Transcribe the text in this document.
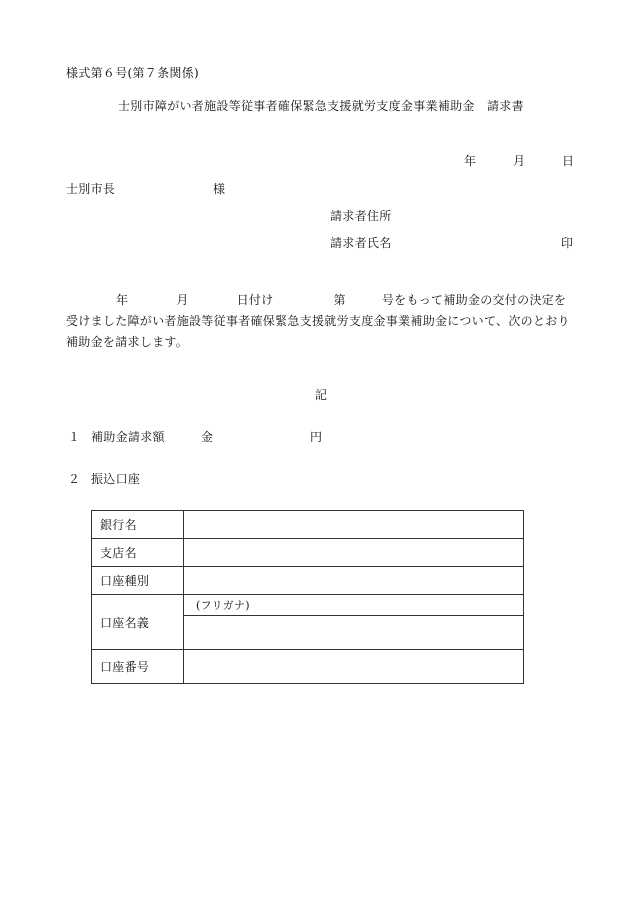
様式第６号(第７条関係)
士別市障がい者施設等従事者確保緊急支援就労支度金事業補助金　請求書
年	月	日
士別市長	様
請求者住所
請求者氏名	印
年	月	日付け	第	号をもって補助金の交付の決定を
受けました障がい者施設等従事者確保緊急支援就労支度金事業補助金について、次のとおり
補助金を請求します。
記
１ 補助金請求額	金	円
２ 振込口座
銀行名	
支店名	
口座種別	
口座名義	(フリガナ)

口座番号	
